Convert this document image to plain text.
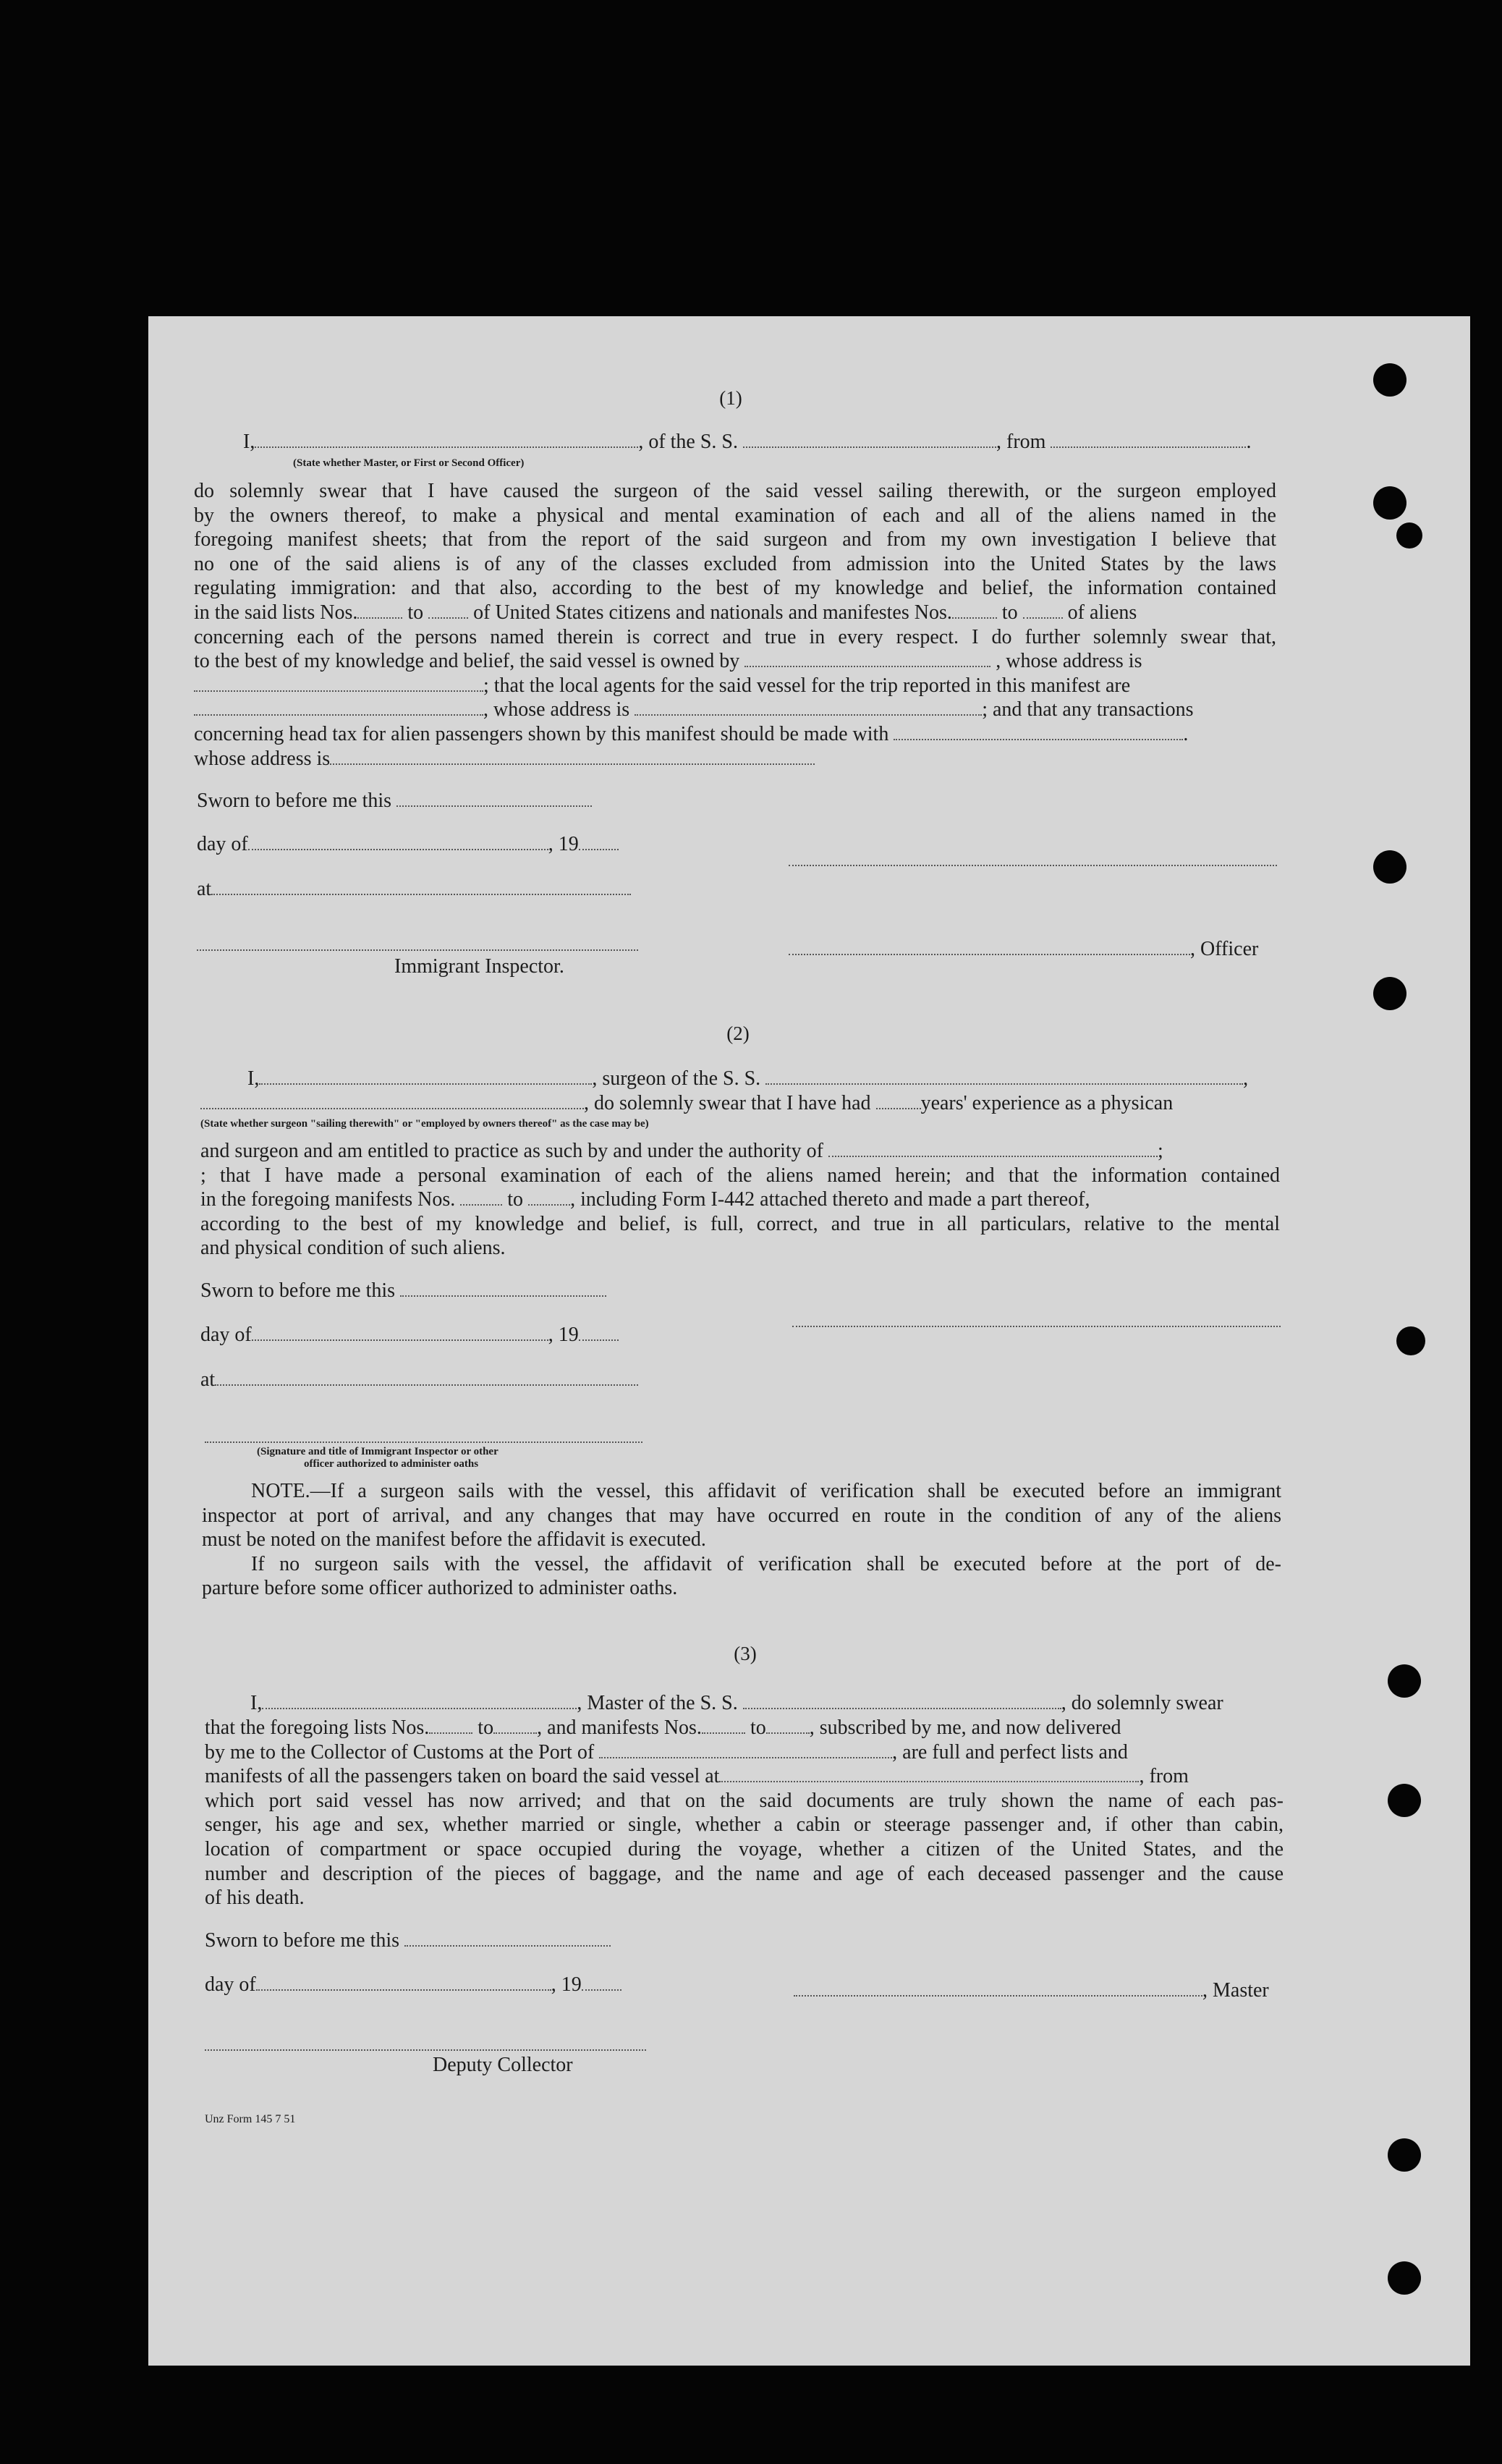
(1)
I,	, of the S. S.	, from	.
(State whether Master, or First or Second Officer)
do solemnly swear that I have caused the surgeon of the said vessel sailing therewith, or the surgeon employed
by the owners thereof, to make a physical and mental examination of each and all of the aliens named in the
foregoing manifest sheets; that from the report of the said surgeon and from my own investigation I believe that
no one of the said aliens is of any of the classes excluded from admission into the United States by the laws
regulating immigration: and that also, according to the best of my knowledge and belief, the information contained
in the said lists Nos. to of United States citizens and nationals and manifestes Nos. to of aliens
concerning each of the persons named therein is correct and true in every respect. I do further solemnly swear that,
to the best of my knowledge and belief, the said vessel is owned by	, whose address is
; that the local agents for the said vessel for the trip reported in this manifest are
, whose address is	; and that any transactions
concerning head tax for alien passengers shown by this manifest should be made with	.
whose address is
Sworn to before me this
day of	, 19
at
Immigrant Inspector.
, Officer
(2)
I,	, surgeon of the S. S.	,
, do solemnly swear that I have had years' experience as a physican
(State whether surgeon "sailing therewith" or "employed by owners thereof" as the case may be)
and surgeon and am entitled to practice as such by and under the authority of	;
; that I have made a personal examination of each of the aliens named herein; and that the information contained
in the foregoing manifests Nos.	to , including Form I-442 attached thereto and made a part thereof,
according to the best of my knowledge and belief, is full, correct, and true in all particulars, relative to the mental
and physical condition of such aliens.
Sworn to before me this
day of	, 19
at
(Signature and title of Immigrant Inspector or other
officer authorized to administer oaths
NOTE.—If a surgeon sails with the vessel, this affidavit of verification shall be executed before an immigrant
inspector at port of arrival, and any changes that may have occurred en route in the condition of any of the aliens
must be noted on the manifest before the affidavit is executed.
If no surgeon sails with the vessel, the affidavit of verification shall be executed before at the port of de-
parture before some officer authorized to administer oaths.
(3)
I,	, Master of the S. S.	, do solemnly swear
that the foregoing lists Nos. to , and manifests Nos. to , subscribed by me, and now delivered
by me to the Collector of Customs at the Port of	, are full and perfect lists and
manifests of all the passengers taken on board the said vessel at	, from
which port said vessel has now arrived; and that on the said documents are truly shown the name of each pas-
senger, his age and sex, whether married or single, whether a cabin or steerage passenger and, if other than cabin,
location of compartment or space occupied during the voyage, whether a citizen of the United States, and the
number and description of the pieces of baggage, and the name and age of each deceased passenger and the cause
of his death.
Sworn to before me this
day of	, 19	, Master
Deputy Collector
Unz Form 145 7 51
